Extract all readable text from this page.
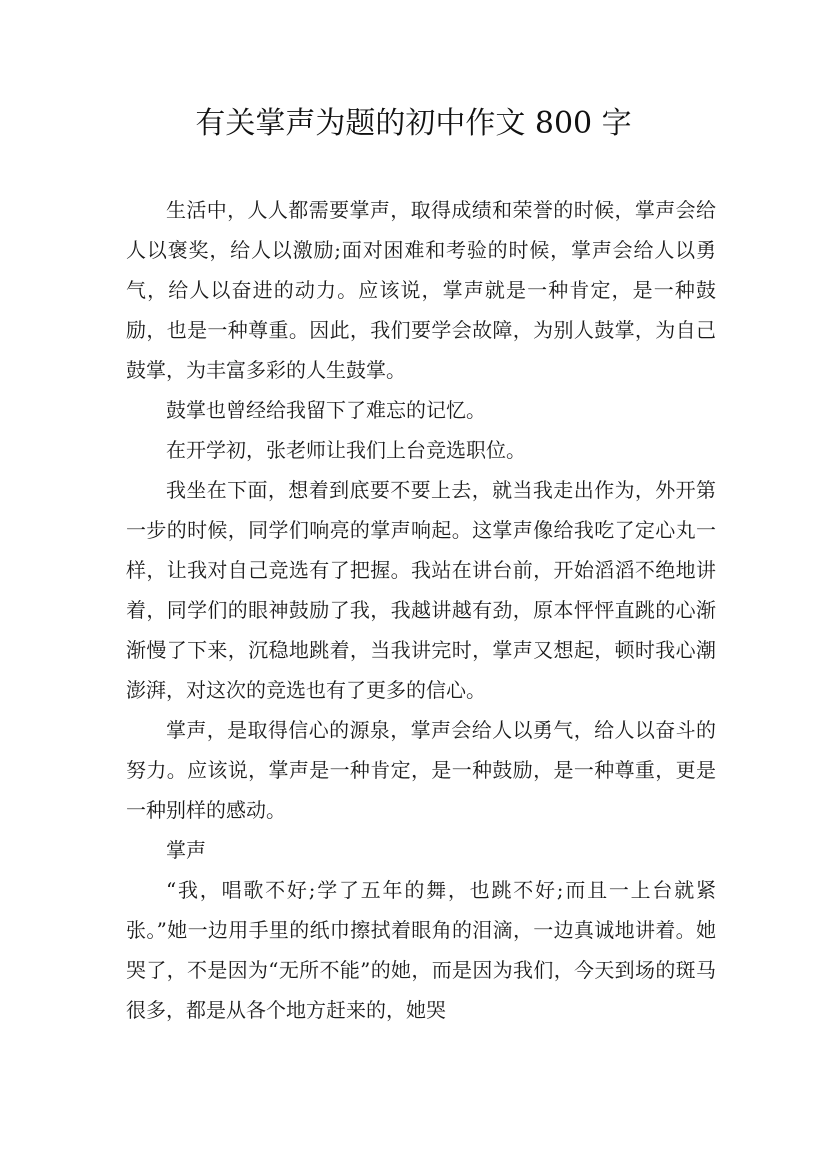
有关掌声为题的初中作文 800 字

生活中，人人都需要掌声，取得成绩和荣誉的时候，掌声会给人以褒奖，给人以激励;面对困难和考验的时候，掌声会给人以勇气，给人以奋进的动力。应该说，掌声就是一种肯定，是一种鼓励，也是一种尊重。因此，我们要学会故障，为别人鼓掌，为自己鼓掌，为丰富多彩的人生鼓掌。

鼓掌也曾经给我留下了难忘的记忆。

在开学初，张老师让我们上台竞选职位。

我坐在下面，想着到底要不要上去，就当我走出作为，外开第一步的时候，同学们响亮的掌声响起。这掌声像给我吃了定心丸一样，让我对自己竞选有了把握。我站在讲台前，开始滔滔不绝地讲着，同学们的眼神鼓励了我，我越讲越有劲，原本怦怦直跳的心渐渐慢了下来，沉稳地跳着，当我讲完时，掌声又想起，顿时我心潮澎湃，对这次的竞选也有了更多的信心。

掌声，是取得信心的源泉，掌声会给人以勇气，给人以奋斗的努力。应该说，掌声是一种肯定，是一种鼓励，是一种尊重，更是一种别样的感动。

掌声

“我，唱歌不好;学了五年的舞，也跳不好;而且一上台就紧张。”她一边用手里的纸巾擦拭着眼角的泪滴，一边真诚地讲着。她哭了，不是因为“无所不能”的她，而是因为我们，今天到场的斑马很多，都是从各个地方赶来的，她哭
